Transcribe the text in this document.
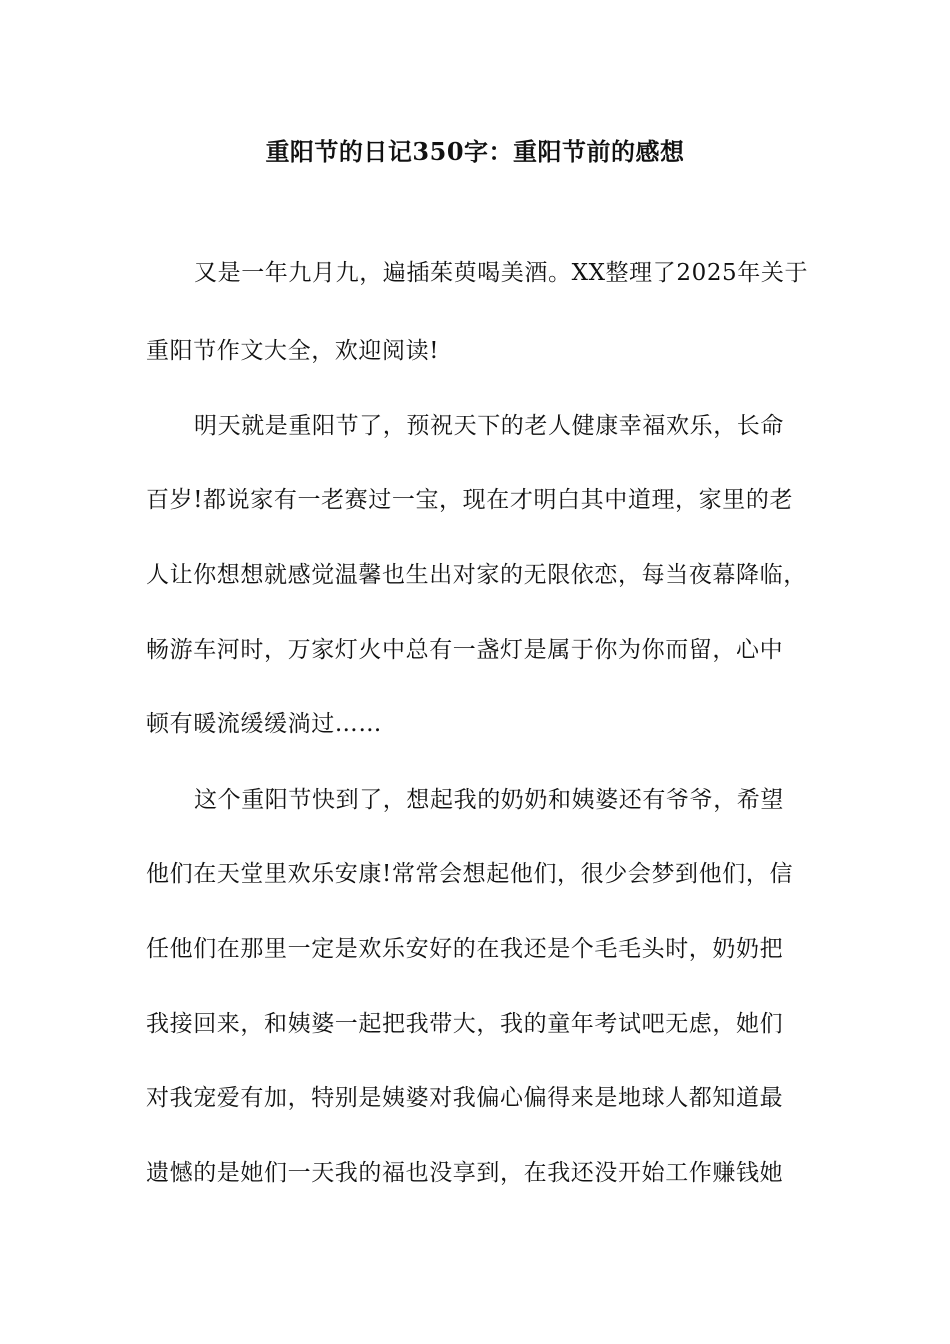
重阳节的日记350字：重阳节前的感想
又是一年九月九，遍插茱萸喝美酒。XX整理了2025年关于
重阳节作文大全，欢迎阅读!
明天就是重阳节了，预祝天下的老人健康幸福欢乐，长命
百岁!都说家有一老赛过一宝，现在才明白其中道理，家里的老
人让你想想就感觉温馨也生出对家的无限依恋，每当夜幕降临，
畅游车河时，万家灯火中总有一盏灯是属于你为你而留，心中
顿有暖流缓缓淌过……
这个重阳节快到了，想起我的奶奶和姨婆还有爷爷，希望
他们在天堂里欢乐安康!常常会想起他们，很少会梦到他们，信
任他们在那里一定是欢乐安好的在我还是个毛毛头时，奶奶把
我接回来，和姨婆一起把我带大，我的童年考试吧无虑，她们
对我宠爱有加，特别是姨婆对我偏心偏得来是地球人都知道最
遗憾的是她们一天我的福也没享到，在我还没开始工作赚钱她
